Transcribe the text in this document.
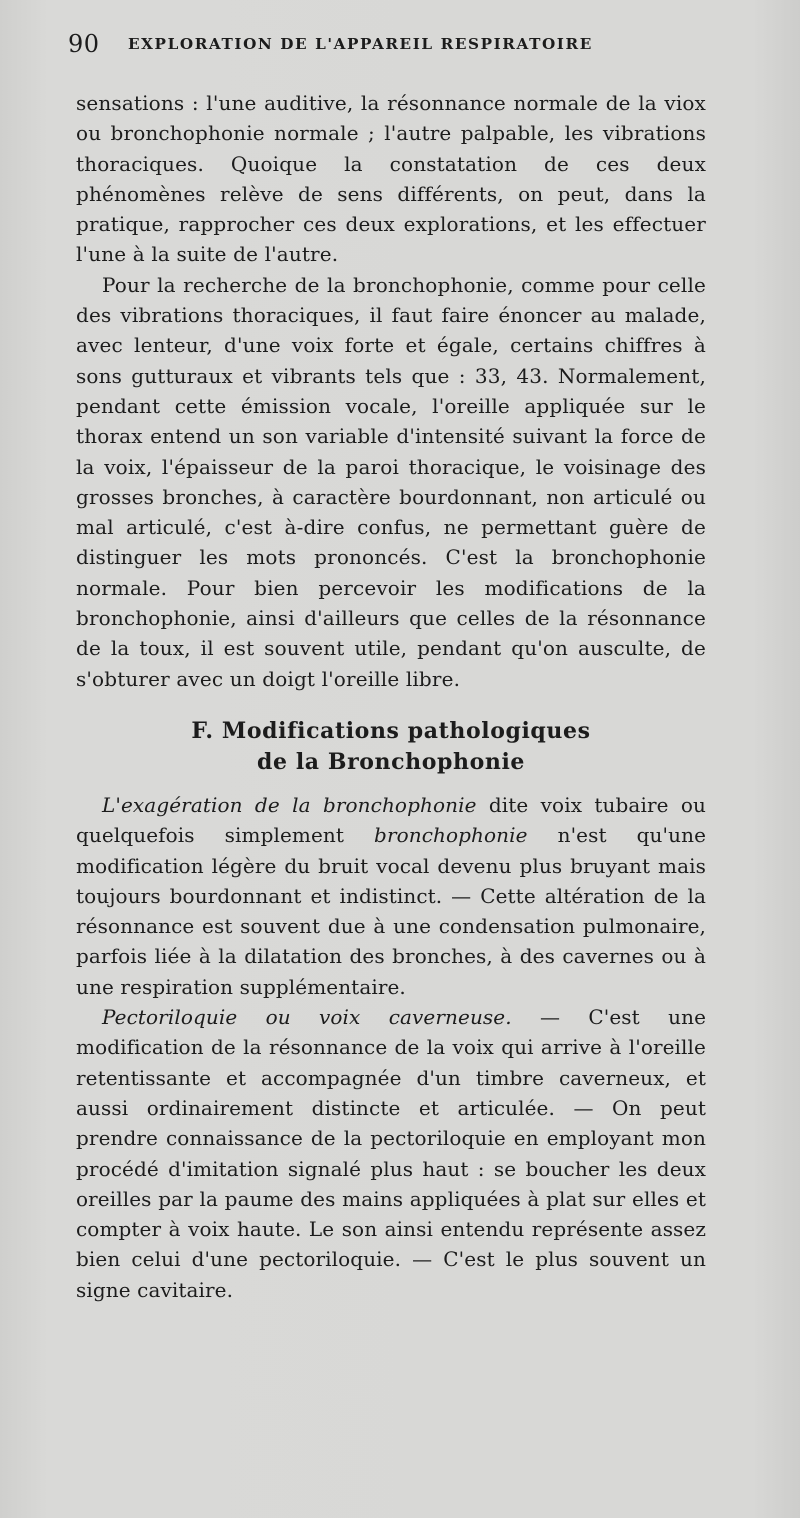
90 EXPLORATION DE L'APPAREIL RESPIRATOIRE

sensations : l'une auditive, la résonnance normale de la viox ou bronchophonie normale ; l'autre palpable, les vibrations thoraciques. Quoique la constatation de ces deux phénomènes relève de sens différents, on peut, dans la pratique, rapprocher ces deux explorations, et les effectuer l'une à la suite de l'autre.

Pour la recherche de la bronchophonie, comme pour celle des vibrations thoraciques, il faut faire énoncer au malade, avec lenteur, d'une voix forte et égale, certains chiffres à sons gutturaux et vibrants tels que : 33, 43. Normalement, pendant cette émission vocale, l'oreille appliquée sur le thorax entend un son variable d'intensité suivant la force de la voix, l'épaisseur de la paroi thoracique, le voisinage des grosses bronches, à caractère bourdonnant, non articulé ou mal articulé, c'est à-dire confus, ne permettant guère de distinguer les mots prononcés. C'est la bronchophonie normale. Pour bien percevoir les modifications de la bronchophonie, ainsi d'ailleurs que celles de la résonnance de la toux, il est souvent utile, pendant qu'on ausculte, de s'obturer avec un doigt l'oreille libre.

F. Modifications pathologiques
de la Bronchophonie

L'exagération de la bronchophonie dite voix tubaire ou quelquefois simplement bronchophonie n'est qu'une modification légère du bruit vocal devenu plus bruyant mais toujours bourdonnant et indistinct. — Cette altération de la résonnance est souvent due à une condensation pulmonaire, parfois liée à la dilatation des bronches, à des cavernes ou à une respiration supplémentaire.

Pectoriloquie ou voix caverneuse. — C'est une modification de la résonnance de la voix qui arrive à l'oreille retentissante et accompagnée d'un timbre caverneux, et aussi ordinairement distincte et articulée. — On peut prendre connaissance de la pectoriloquie en employant mon procédé d'imitation signalé plus haut : se boucher les deux oreilles par la paume des mains appliquées à plat sur elles et compter à voix haute. Le son ainsi entendu représente assez bien celui d'une pectoriloquie. — C'est le plus souvent un signe cavitaire.
